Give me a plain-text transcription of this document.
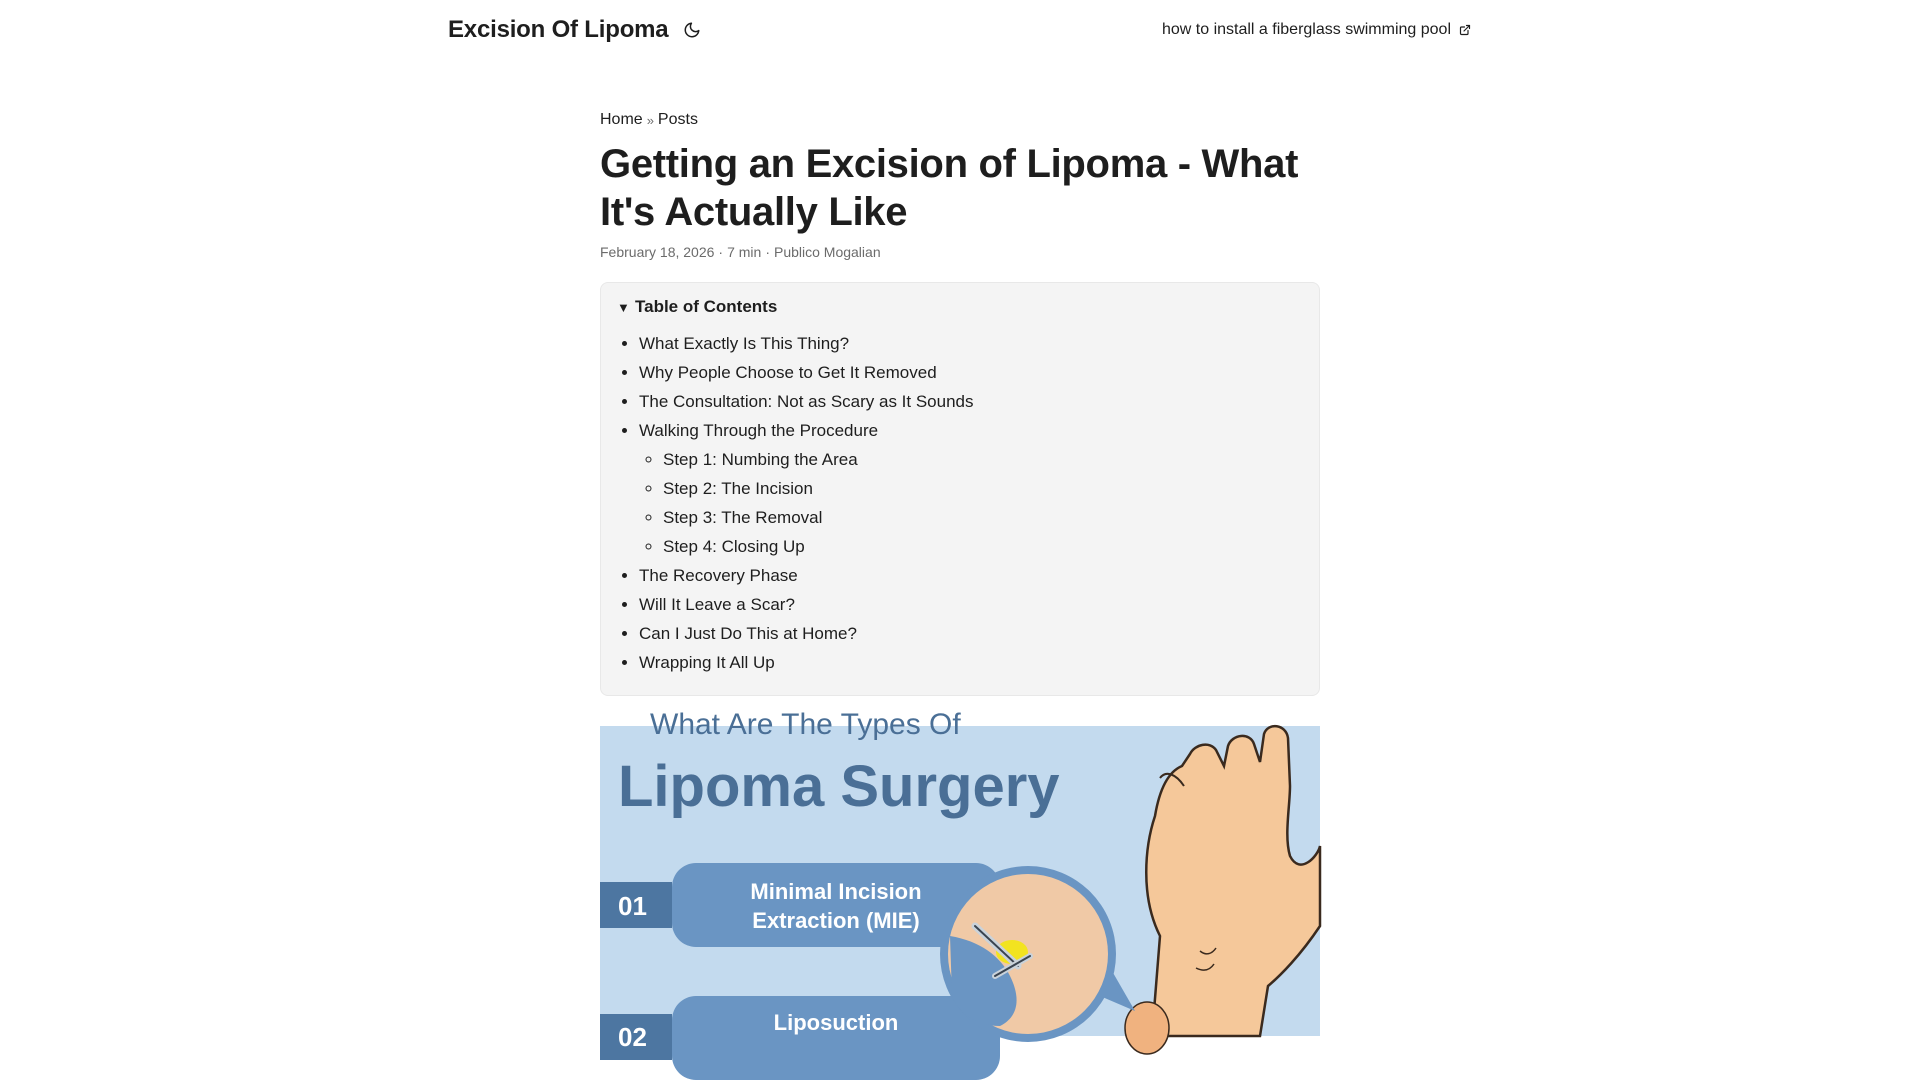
Excision Of Lipoma	how to install a fiberglass swimming pool
Home » Posts
Getting an Excision of Lipoma - What It's Actually Like
February 18, 2026 · 7 min · Publico Mogalian
▼ Table of Contents
• What Exactly Is This Thing?
• Why People Choose to Get It Removed
• The Consultation: Not as Scary as It Sounds
• Walking Through the Procedure
◦ Step 1: Numbing the Area
◦ Step 2: The Incision
◦ Step 3: The Removal
◦ Step 4: Closing Up
• The Recovery Phase
• Will It Leave a Scar?
• Can I Just Do This at Home?
• Wrapping It All Up
What Are The Types Of
Lipoma Surgery
01	Minimal Incision
Extraction (MIE)
02	Liposuction
